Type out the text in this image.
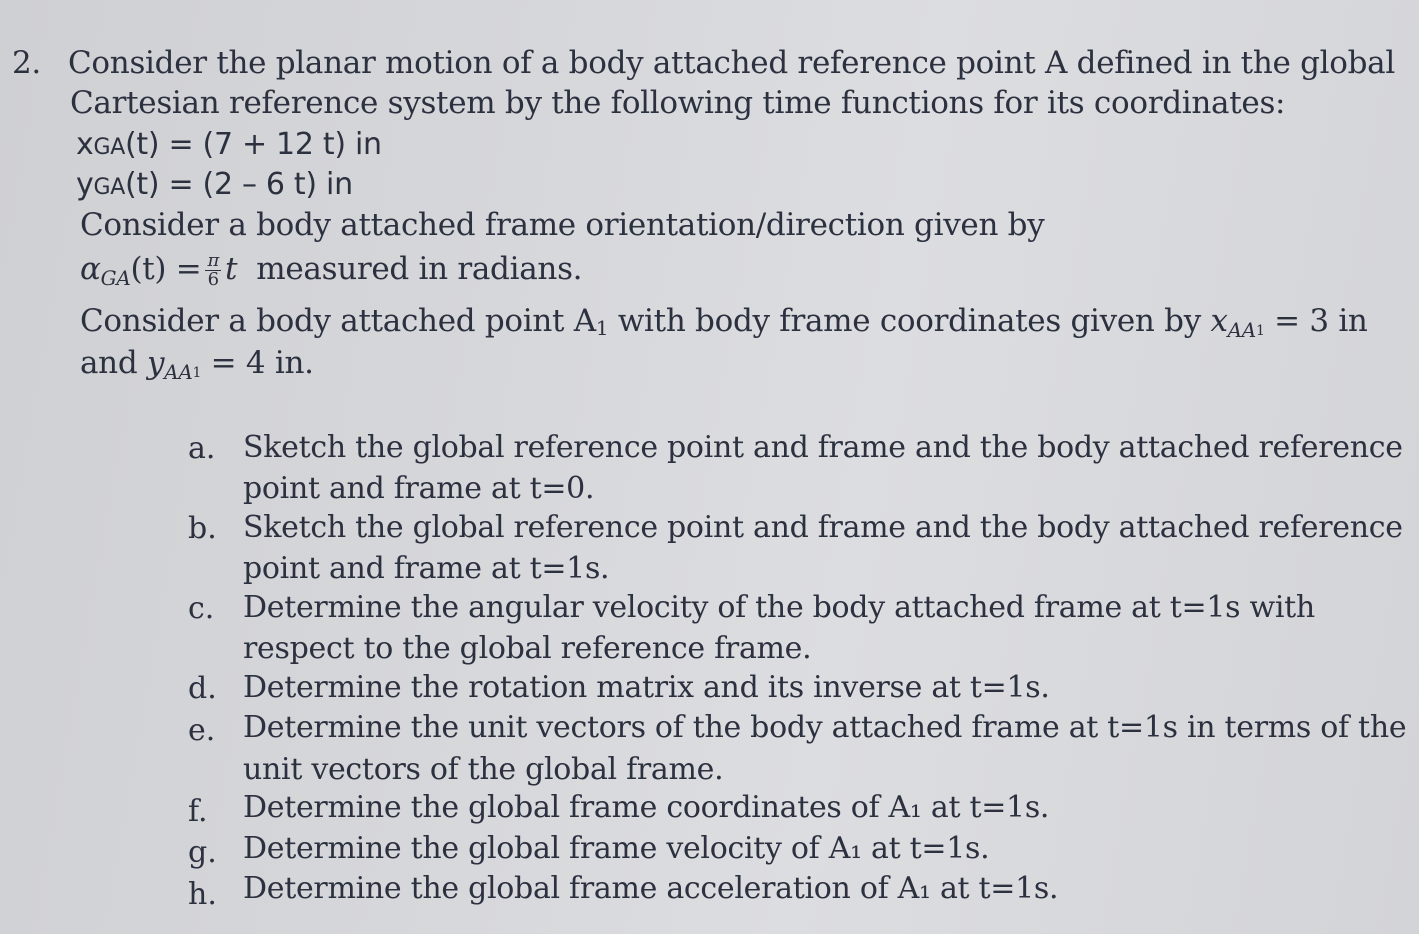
2. Consider the planar motion of a body attached reference point A defined in the global
Cartesian reference system by the following time functions for its coordinates:
xGA(t) = (7 + 12 t) in
yGA(t) = (2 – 6 t) in
Consider a body attached frame orientation/direction given by
$\alpha_{GA}(t) = \frac{\pi}{6}$ t measured in radians.
Consider a body attached point A1 with body frame coordinates given by $x_{AA}1 = 3$ in
and $y_{AA}1 = 4$ in.
a. Sketch the global reference point and frame and the body attached reference
point and frame at t=0.
b. Sketch the global reference point and frame and the body attached reference
point and frame at t=1s.
c. Determine the angular velocity of the body attached frame at t=1s with
respect to the global reference frame.
d. Determine the rotation matrix and its inverse at t=1s.
e. Determine the unit vectors of the body attached frame at t=1s in terms of the
unit vectors of the global frame.
f. Determine the global frame coordinates of A₁ at t=1s.
g. Determine the global frame velocity of A₁ at t=1s.
h. Determine the global frame acceleration of A₁ at t=1s.
